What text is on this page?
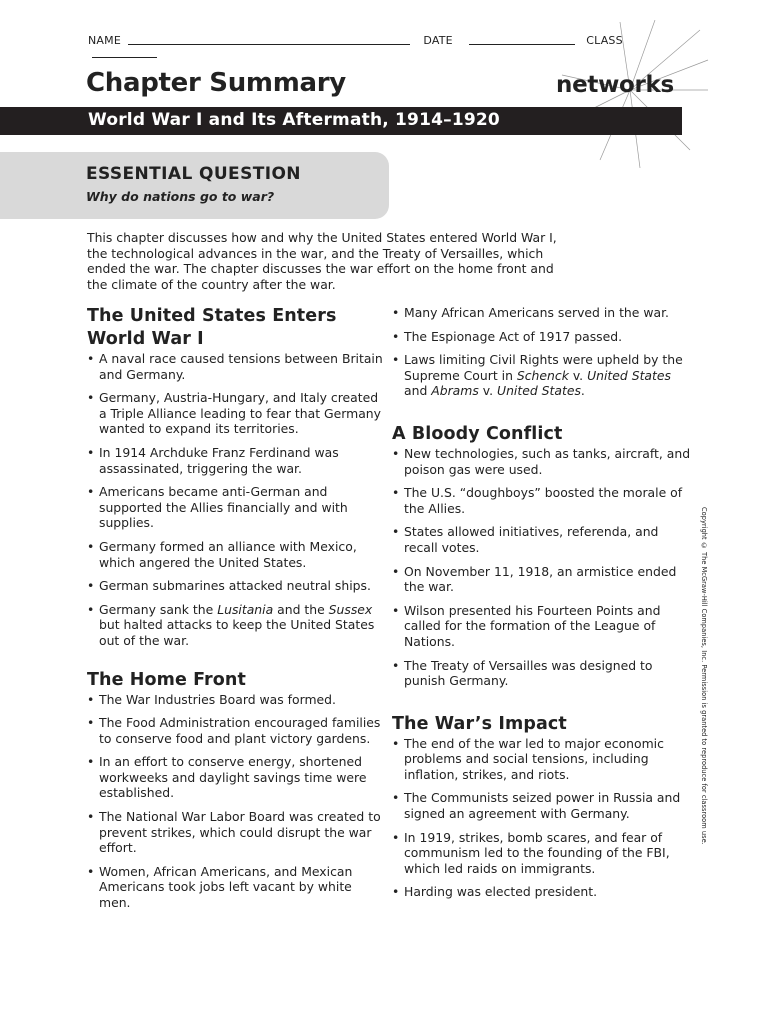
NAME	DATE	CLASS
Chapter Summary	networks
World War I and Its Aftermath, 1914–1920
ESSENTIAL QUESTION
Why do nations go to war?
This chapter discusses how and why the United States entered World War I, the technological advances in the war, and the Treaty of Versailles, which ended the war. The chapter discusses the war effort on the home front and the climate of the country after the war.
The United States Enters
World War I
• A naval race caused tensions between Britain and Germany.
• Germany, Austria-Hungary, and Italy created a Triple Alliance leading to fear that Germany wanted to expand its territories.
• In 1914 Archduke Franz Ferdinand was assassinated, triggering the war.
• Americans became anti-German and supported the Allies financially and with supplies.
• Germany formed an alliance with Mexico, which angered the United States.
• German submarines attacked neutral ships.
• Germany sank the Lusitania and the Sussex but halted attacks to keep the United States out of the war.
The Home Front
• The War Industries Board was formed.
• The Food Administration encouraged families to conserve food and plant victory gardens.
• In an effort to conserve energy, shortened workweeks and daylight savings time were established.
• The National War Labor Board was created to prevent strikes, which could disrupt the war effort.
• Women, African Americans, and Mexican Americans took jobs left vacant by white men.
• Many African Americans served in the war.
• The Espionage Act of 1917 passed.
• Laws limiting Civil Rights were upheld by the Supreme Court in Schenck v. United States and Abrams v. United States.
A Bloody Conflict
• New technologies, such as tanks, aircraft, and poison gas were used.
• The U.S. “doughboys” boosted the morale of the Allies.
• States allowed initiatives, referenda, and recall votes.
• On November 11, 1918, an armistice ended the war.
• Wilson presented his Fourteen Points and called for the formation of the League of Nations.
• The Treaty of Versailles was designed to punish Germany.
The War’s Impact
• The end of the war led to major economic problems and social tensions, including inflation, strikes, and riots.
• The Communists seized power in Russia and signed an agreement with Germany.
• In 1919, strikes, bomb scares, and fear of communism led to the founding of the FBI, which led raids on immigrants.
• Harding was elected president.
Copyright © The McGraw-Hill Companies, Inc. Permission is granted to reproduce for classroom use.
